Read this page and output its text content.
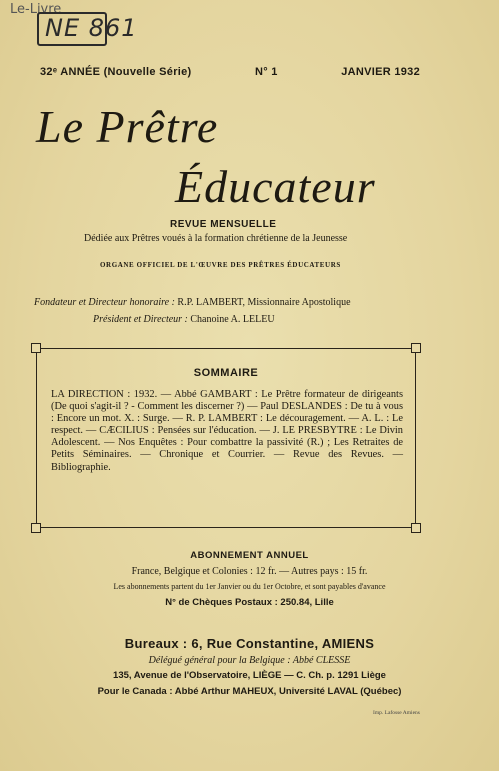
Le-Livre
NE 861
32ᵉ ANNÉE (Nouvelle Série)	N° 1	JANVIER 1932
Le Prêtre
Éducateur
REVUE MENSUELLE
Dédiée aux Prêtres voués à la formation chrétienne de la Jeunesse
ORGANE OFFICIEL DE L'ŒUVRE DES PRÊTRES ÉDUCATEURS
Fondateur et Directeur honoraire : R.P. LAMBERT, Missionnaire Apostolique
Président et Directeur : Chanoine A. LELEU
SOMMAIRE
LA DIRECTION : 1932. — Abbé GAMBART : Le Prêtre formateur de dirigeants (De quoi s'agit-il ? - Comment les discerner ?) — Paul DESLANDES : De tu à vous : Encore un mot. X. : Surge. — R. P. LAMBERT : Le découragement. — A. L. : Le respect. — CÆCILIUS : Pensées sur l'éducation. — J. LE PRESBYTRE : Le Divin Adolescent. — Nos Enquêtes : Pour combattre la passivité (R.) ; Les Retraites de Petits Séminaires. — Chronique et Courrier. — Revue des Revues. — Bibliographie.
ABONNEMENT ANNUEL
France, Belgique et Colonies : 12 fr. — Autres pays : 15 fr.
Les abonnements partent du 1er Janvier ou du 1er Octobre, et sont payables d'avance
N° de Chèques Postaux : 250.84, Lille
Bureaux : 6, Rue Constantine, AMIENS
Délégué général pour la Belgique : Abbé CLESSE
135, Avenue de l'Observatoire, LIÈGE — C. Ch. p. 1291 Liège
Pour le Canada : Abbé Arthur MAHEUX, Université LAVAL (Québec)
Imp. Lafosse Amiens
